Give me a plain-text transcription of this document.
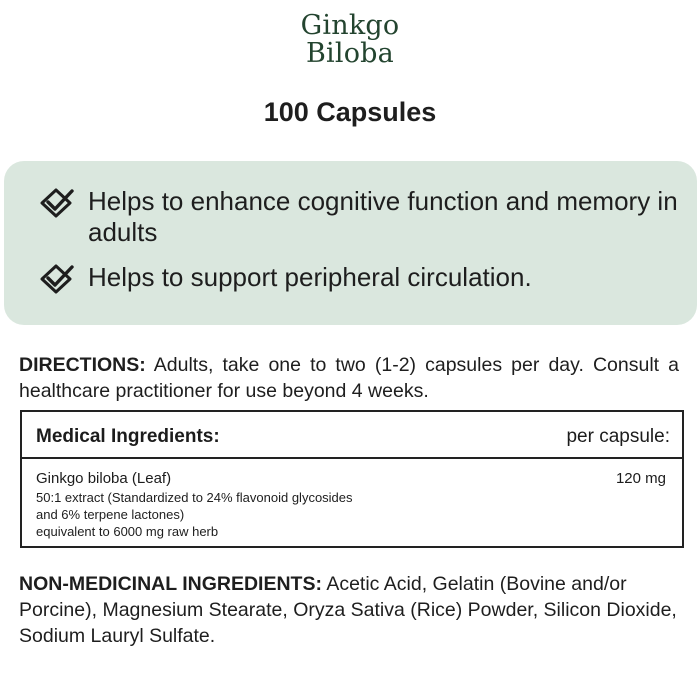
Ginkgo
Biloba
100 Capsules
Helps to enhance cognitive function and memory in adults
Helps to support peripheral circulation.
DIRECTIONS: Adults, take one to two (1-2) capsules per day. Consult a healthcare practitioner for use beyond 4 weeks.
Medical Ingredients:	per capsule:
Ginkgo biloba (Leaf)	120 mg
50:1 extract (Standardized to 24% flavonoid glycosides
and 6% terpene lactones)
equivalent to 6000 mg raw herb
NON-MEDICINAL INGREDIENTS: Acetic Acid, Gelatin (Bovine and/or Porcine), Magnesium Stearate, Oryza Sativa (Rice) Powder, Silicon Dioxide, Sodium Lauryl Sulfate.
